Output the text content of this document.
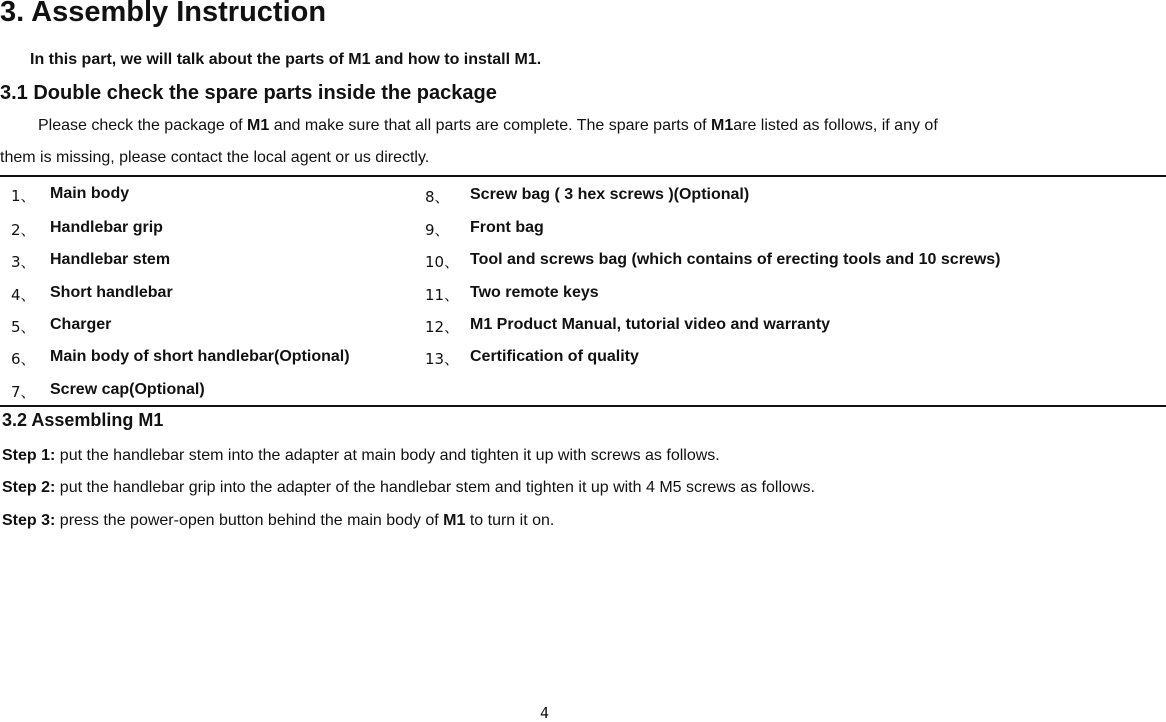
3. Assembly Instruction
In this part, we will talk about the parts of M1 and how to install M1.
3.1 Double check the spare parts inside the package
Please check the package of M1 and make sure that all parts are complete. The spare parts of M1are listed as follows, if any of
them is missing, please contact the local agent or us directly.
1、 Main body
2、 Handlebar grip
3、 Handlebar stem
4、 Short handlebar
5、 Charger
6、 Main body of short handlebar(Optional)
7、 Screw cap(Optional)
8、 Screw bag ( 3 hex screws )(Optional)
9、 Front bag
10、 Tool and screws bag (which contains of erecting tools and 10 screws)
11、 Two remote keys
12、 M1 Product Manual, tutorial video and warranty
13、 Certification of quality
3.2 Assembling M1
Step 1: put the handlebar stem into the adapter at main body and tighten it up with screws as follows.
Step 2: put the handlebar grip into the adapter of the handlebar stem and tighten it up with 4 M5 screws as follows.
Step 3: press the power-open button behind the main body of M1 to turn it on.
4
